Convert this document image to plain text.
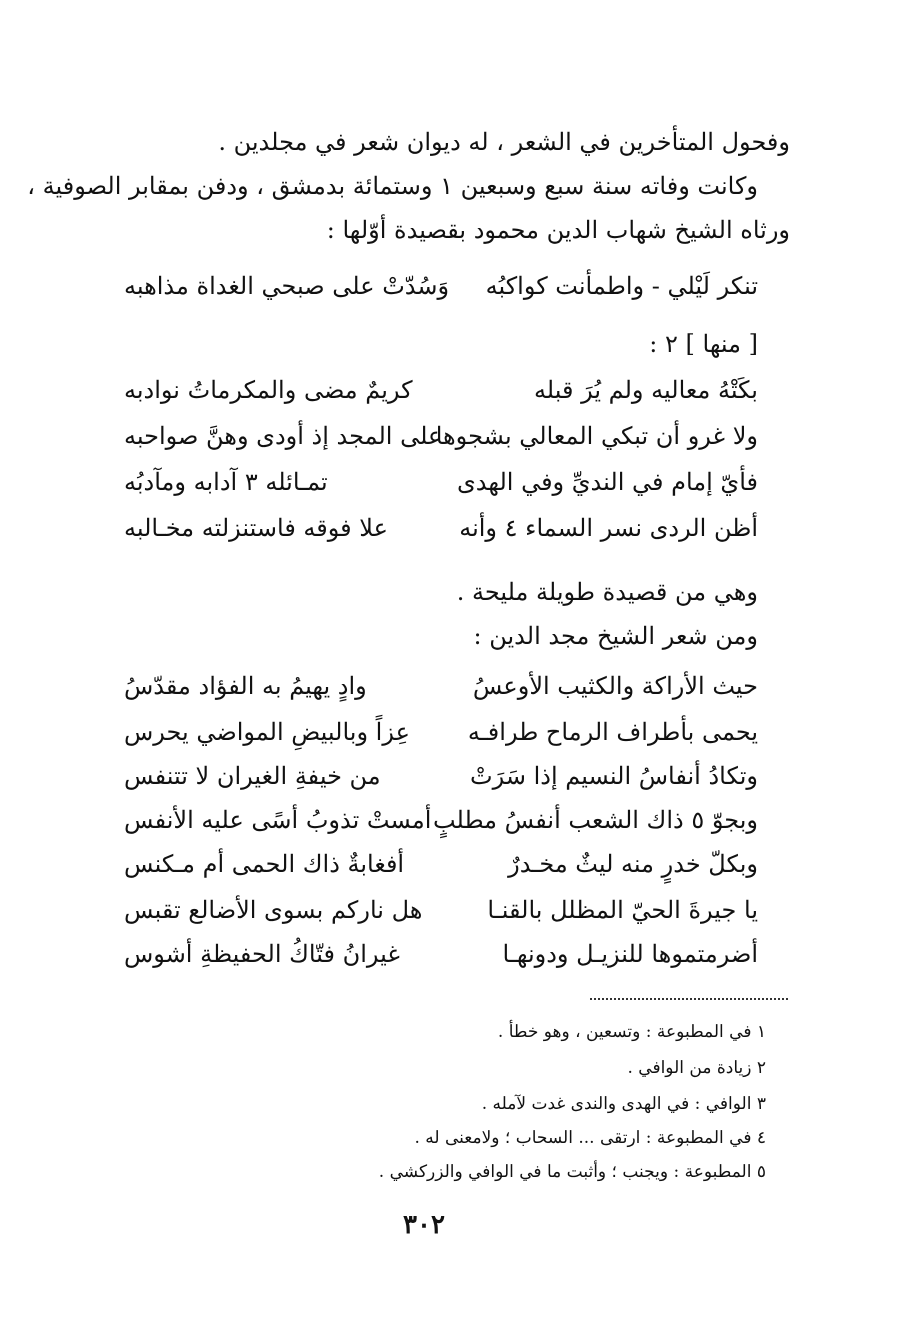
وفحول المتأخرين في الشعر ، له ديوان شعر في مجلدين .
وكانت وفاته سنة سبع وسبعين ١ وستمائة بدمشق ، ودفن بمقابر الصوفية ،
ورثاه الشيخ شهاب الدين محمود بقصيدة أوّلها :
تنكر لَيْلي - واطمأنت كواكبُه
وَسُدّتْ على صبحي الغداة مذاهبه
[ منها ] ٢ :
بكَتْهُ معاليه ولم يُرَ قبله
كريمٌ مضى والمكرماتُ نوادبه
ولا غرو أن تبكي المعالي بشجوها
على المجد إذ أودى وهنَّ صواحبه
فأيّ إمام في النديِّ وفي الهدى
تمـائله ٣ آدابه ومآدبُه
أظن الردى نسر السماء ٤ وأنه
علا فوقه فاستنزلته مخـالبه
وهي من قصيدة طويلة مليحة .
ومن شعر الشيخ مجد الدين :
حيث الأراكة والكثيب الأوعسُ
وادٍ يهيمُ به الفؤاد مقدّسُ
يحمى بأطراف الرماح طرافـه
عِزاً وبالبيضِ المواضي يحرس
وتكادُ أنفاسُ النسيم إذا سَرَتْ
من خيفةِ الغيران لا تتنفس
وبجوّ ٥ ذاك الشعب أنفسُ مطلبٍ
أمستْ تذوبُ أسًى عليه الأنفس
وبكلّ خدرٍ منه ليثٌ مخـدرٌ
أفغابةٌ ذاك الحمى أم مـكنس
يا جيرةَ الحيّ المظلل بالقنـا
هل ناركم بسوى الأضالع تقبس
أضرمتموها للنزيـل ودونهـا
غيرانُ فتّاكُ الحفيظةِ أشوس
١ في المطبوعة : وتسعين ، وهو خطأ .
٢ زيادة من الوافي .
٣ الوافي : في الهدى والندى غدت لآمله .
٤ في المطبوعة : ارتقى ... السحاب ؛ ولامعنى له .
٥ المطبوعة : ويجنب ؛ وأثبت ما في الوافي والزركشي .
٣٠٢
